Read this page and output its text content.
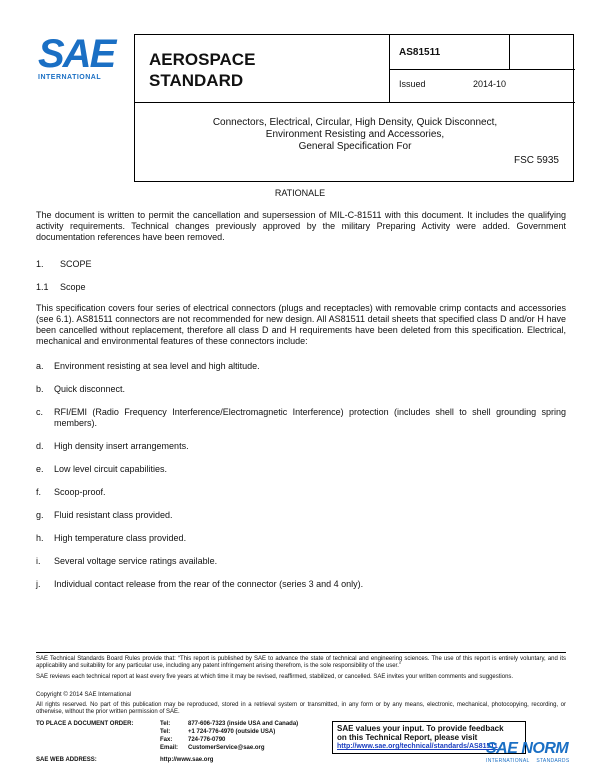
SAE
INTERNATIONAL
AEROSPACE
STANDARD
AS81511
Issued	2014-10
Connectors, Electrical, Circular, High Density, Quick Disconnect,
Environment Resisting and Accessories,
General Specification For
FSC 5935
RATIONALE
The document is written to permit the cancellation and supersession of MIL-C-81511 with this document. It includes the qualifying activity requirements. Technical changes previously approved by the military Preparing Activity were added. Government documentation references have been removed.
1. SCOPE
1.1 Scope
This specification covers four series of electrical connectors (plugs and receptacles) with removable crimp contacts and accessories (see 6.1). AS81511 connectors are not recommended for new design. All AS81511 detail sheets that specified class D and/or H have been cancelled without replacement, therefore all class D and H requirements have been deleted from this specification. Electrical, mechanical and environmental features of these connectors include:
a. Environment resisting at sea level and high altitude.
b. Quick disconnect.
c. RFI/EMI (Radio Frequency Interference/Electromagnetic Interference) protection (includes shell to shell grounding spring members).
d. High density insert arrangements.
e. Low level circuit capabilities.
f. Scoop-proof.
g. Fluid resistant class provided.
h. High temperature class provided.
i. Several voltage service ratings available.
j. Individual contact release from the rear of the connector (series 3 and 4 only).
SAE Technical Standards Board Rules provide that: “This report is published by SAE to advance the state of technical and engineering sciences. The use of this report is entirely voluntary, and its applicability and suitability for any particular use, including any patent infringement arising therefrom, is the sole responsibility of the user.”
SAE reviews each technical report at least every five years at which time it may be revised, reaffirmed, stabilized, or cancelled. SAE invites your written comments and suggestions.
Copyright © 2014 SAE International
All rights reserved. No part of this publication may be reproduced, stored in a retrieval system or transmitted, in any form or by any means, electronic, mechanical, photocopying, recording, or otherwise, without the prior written permission of SAE.
TO PLACE A DOCUMENT ORDER:	Tel:	877-606-7323 (inside USA and Canada)
Tel:	+1 724-776-4970 (outside USA)
Fax:	724-776-0790
Email: CustomerService@sae.org
SAE WEB ADDRESS:	http://www.sae.org
SAE values your input. To provide feedback
on this Technical Report, please visit
http://www.sae.org/technical/standards/AS81511
SAE NORM
INTERNATIONAL STANDARDS
